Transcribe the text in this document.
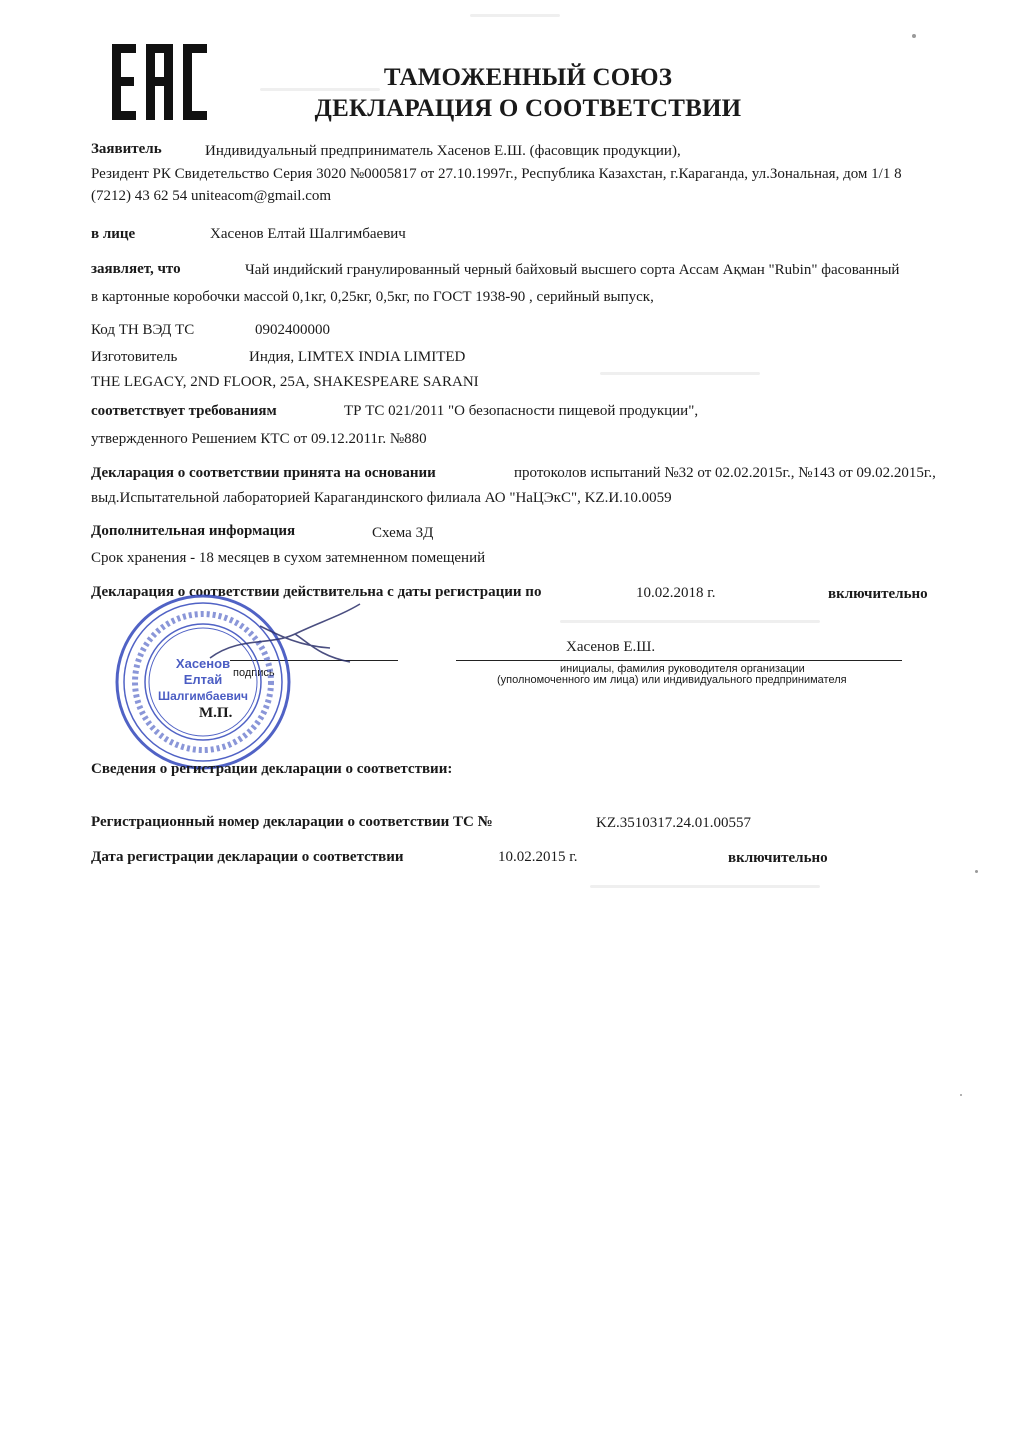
ТАМОЖЕННЫЙ СОЮЗ
ДЕКЛАРАЦИЯ О СООТВЕТСТВИИ
Заявитель	Индивидуальный предприниматель Хасенов Е.Ш. (фасовщик продукции),
Резидент РК Свидетельство Серия 3020 №0005817 от 27.10.1997г., Республика Казахстан, г.Караганда, ул.Зональная, дом 1/1 8
(7212) 43 62 54 uniteacom@gmail.com
в лице	Хасенов Елтай Шалгимбаевич
заявляет, что	Чай индийский гранулированный черный байховый высшего сорта Ассам Ақман "Rubin" фасованный
в картонные коробочки массой 0,1кг, 0,25кг, 0,5кг, по ГОСТ 1938-90 , серийный выпуск,
Код ТН ВЭД ТС	0902400000
Изготовитель	Индия, LIMTEX INDIA LIMITED
THE LEGACY, 2ND FLOOR, 25A, SHAKESPEARE SARANI
соответствует требованиям	ТР ТС 021/2011 "О безопасности пищевой продукции",
утвержденного Решением КТС от 09.12.2011г. №880
Декларация о соответствии принята на основании	протоколов испытаний №32 от 02.02.2015г., №143 от 09.02.2015г.,
выд.Испытательной лабораторией Карагандинского филиала АО "НаЦЭкС", KZ.И.10.0059
Дополнительная информация	Схема 3Д
Срок хранения - 18 месяцев в сухом затемненном помещений
Декларация о соответствии действительна с даты регистрации по	10.02.2018 г.	включительно
Хасенов Е.Ш.
подпись	инициалы, фамилия руководителя организации
(уполномоченного им лица) или индивидуального предпринимателя
М.П.
Хасенов
Елтай
Шалгимбаевич
Сведения о регистрации декларации о соответствии:
Регистрационный номер декларации о соответствии ТС №	KZ.3510317.24.01.00557
Дата регистрации декларации о соответствии	10.02.2015 г.	включительно
